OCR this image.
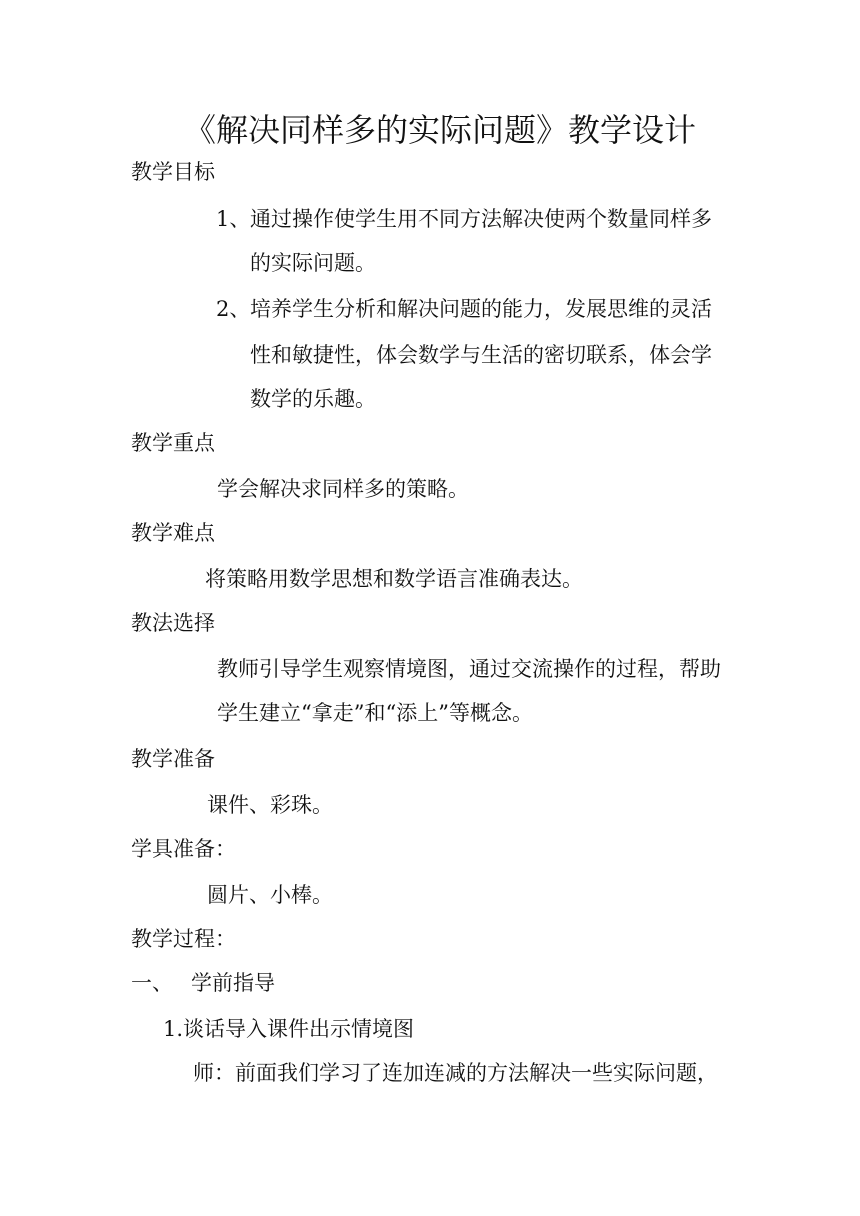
《解决同样多的实际问题》教学设计
教学目标
1、 通过操作使学生用不同方法解决使两个数量同样多
的实际问题。
2、 培养学生分析和解决问题的能力，发展思维的灵活
性和敏捷性，体会数学与生活的密切联系，体会学
数学的乐趣。
教学重点
学会解决求同样多的策略。
教学难点
将策略用数学思想和数学语言准确表达。
教法选择
教师引导学生观察情境图，通过交流操作的过程，帮助
学生建立“拿走”和“添上”等概念。
教学准备
课件、彩珠。
学具准备：
圆片、小棒。
教学过程：
一、 学前指导
1.谈话导入课件出示情境图
师：前面我们学习了连加连减的方法解决一些实际问题，
